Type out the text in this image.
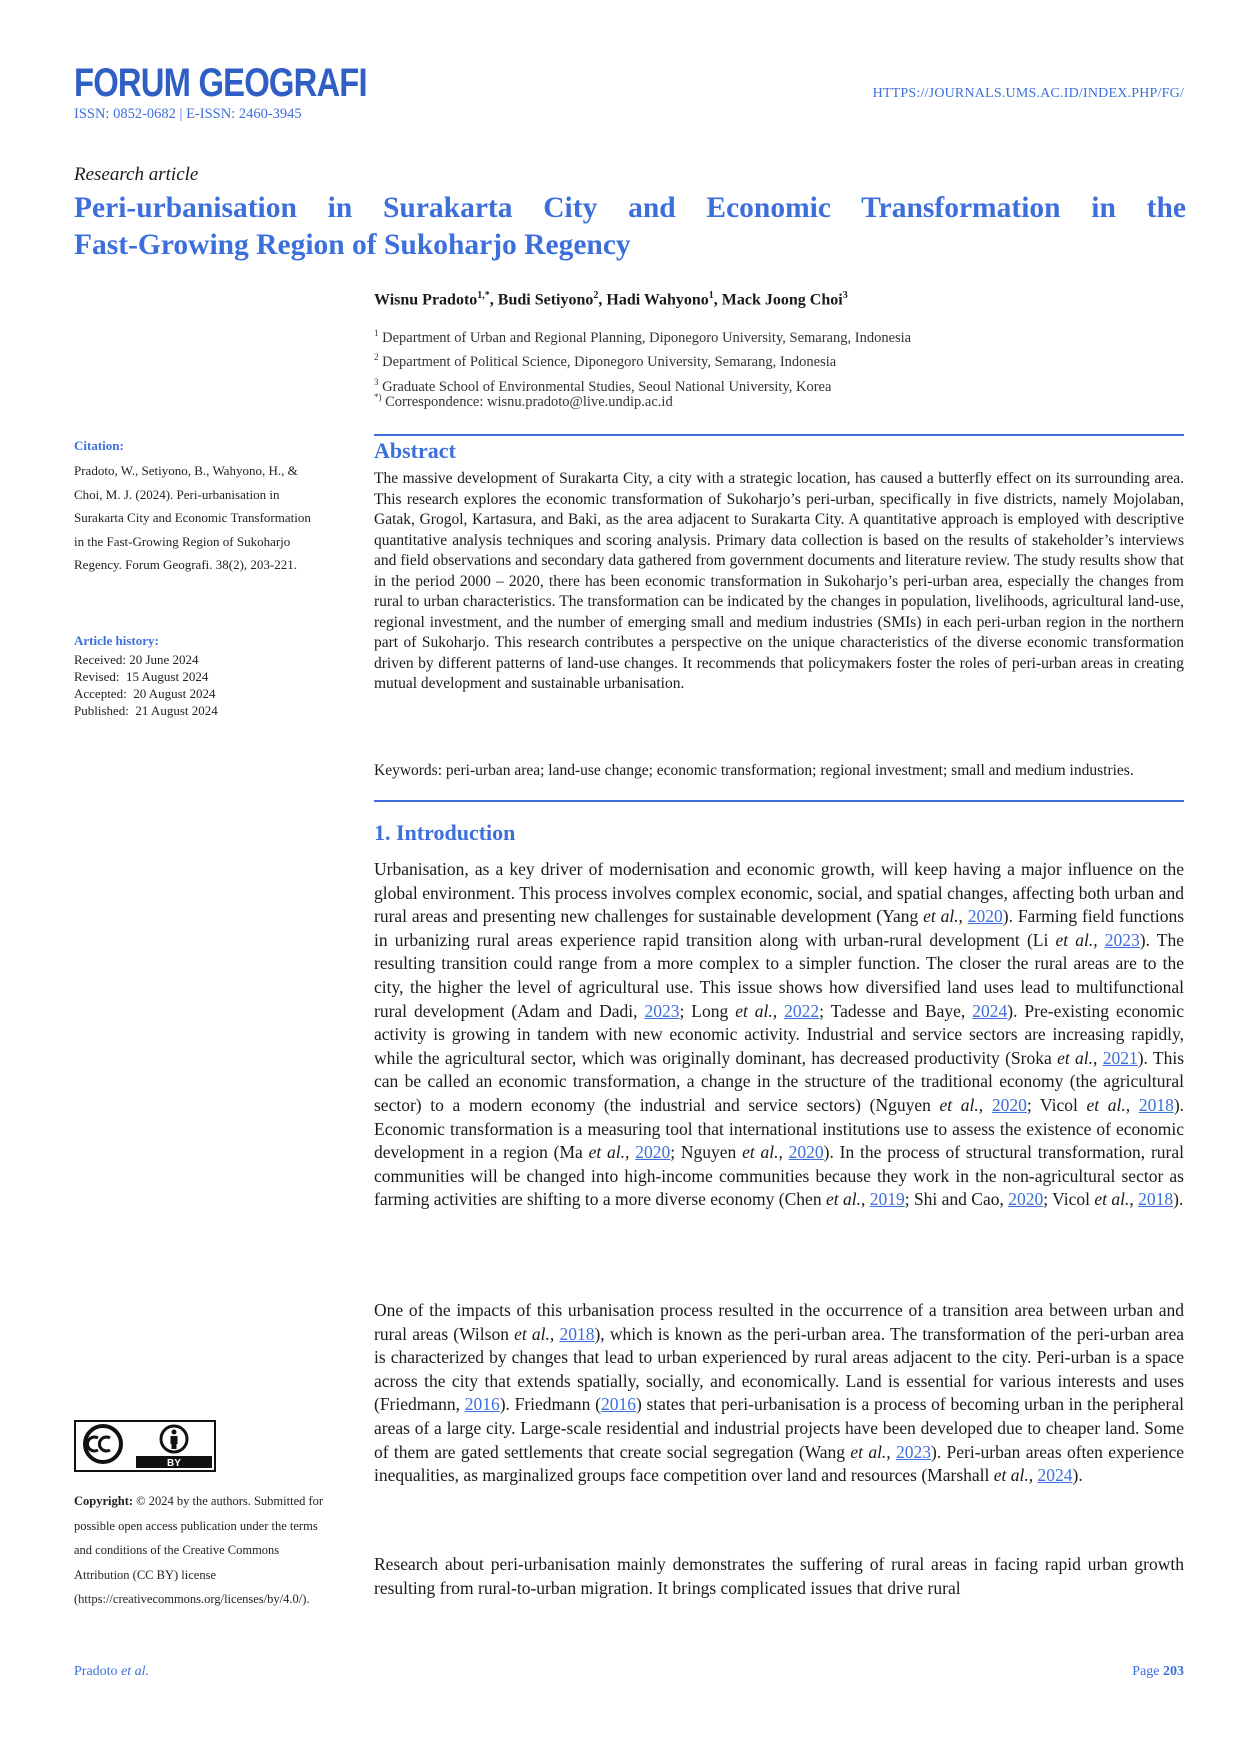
FORUM GEOGRAFI
ISSN: 0852-0682 | E-ISSN: 2460-3945
HTTPS://JOURNALS.UMS.AC.ID/INDEX.PHP/FG/
Research article
Peri-urbanisation in Surakarta City and Economic Transformation in the
Fast-Growing Region of Sukoharjo Regency
Wisnu Pradoto$^{1,*}$, Budi Setiyono$^2$, Hadi Wahyono$^1$, Mack Joong Choi$^3$
$^1$ Department of Urban and Regional Planning, Diponegoro University, Semarang, Indonesia
$^2$ Department of Political Science, Diponegoro University, Semarang, Indonesia
$^3$ Graduate School of Environmental Studies, Seoul National University, Korea
*) Correspondence: wisnu.pradoto@live.undip.ac.id
Citation:
Pradoto, W., Setiyono, B., Wahyono, H., & Choi, M. J. (2024). Peri-urbanisation in Surakarta City and Economic Transformation in the Fast-Growing Region of Sukoharjo Regency. Forum Geografi. 38(2), 203-221.
Article history:
Received: 20 June 2024
Revised:  15 August 2024
Accepted:  20 August 2024
Published:  21 August 2024
BY
Copyright: © 2024 by the authors. Submitted for possible open access publication under the terms and conditions of the Creative Commons Attribution (CC BY) license (https://creativecommons.org/licenses/by/4.0/).
Abstract
The massive development of Surakarta City, a city with a strategic location, has caused a butterfly effect on its surrounding area. This research explores the economic transformation of Sukoharjo’s peri-urban, specifically in five districts, namely Mojolaban, Gatak, Grogol, Kartasura, and Baki, as the area adjacent to Surakarta City. A quantitative approach is employed with descriptive quantitative analysis techniques and scoring analysis. Primary data collection is based on the results of stakeholder’s interviews and field observations and secondary data gathered from government documents and literature review. The study results show that in the period 2000 – 2020, there has been economic transformation in Sukoharjo’s peri-urban area, especially the changes from rural to urban characteristics. The transformation can be indicated by the changes in population, livelihoods, agricultural land-use, regional investment, and the number of emerging small and medium industries (SMIs) in each peri-urban region in the northern part of Sukoharjo. This research contributes a perspective on the unique characteristics of the diverse economic transformation driven by different patterns of land-use changes. It recommends that policymakers foster the roles of peri-urban areas in creating mutual development and sustainable urbanisation.
Keywords: peri-urban area; land-use change; economic transformation; regional investment; small and medium industries.
1. Introduction
Urbanisation, as a key driver of modernisation and economic growth, will keep having a major influence on the global environment. This process involves complex economic, social, and spatial changes, affecting both urban and rural areas and presenting new challenges for sustainable development (Yang et al., 2020). Farming field functions in urbanizing rural areas experience rapid transition along with urban-rural development (Li et al., 2023). The resulting transition could range from a more complex to a simpler function. The closer the rural areas are to the city, the higher the level of agricultural use. This issue shows how diversified land uses lead to multifunctional rural development (Adam and Dadi, 2023; Long et al., 2022; Tadesse and Baye, 2024). Pre-existing economic activity is growing in tandem with new economic activity. Industrial and service sectors are increasing rapidly, while the agricultural sector, which was originally dominant, has decreased productivity (Sroka et al., 2021). This can be called an economic transformation, a change in the structure of the traditional economy (the agricultural sector) to a modern economy (the industrial and service sectors) (Nguyen et al., 2020; Vicol et al., 2018). Economic transformation is a measuring tool that international institutions use to assess the existence of economic development in a region (Ma et al., 2020; Nguyen et al., 2020). In the process of structural transformation, rural communities will be changed into high-income communities because they work in the non-agricultural sector as farming activities are shifting to a more diverse economy (Chen et al., 2019; Shi and Cao, 2020; Vicol et al., 2018).
One of the impacts of this urbanisation process resulted in the occurrence of a transition area between urban and rural areas (Wilson et al., 2018), which is known as the peri-urban area. The transformation of the peri-urban area is characterized by changes that lead to urban experienced by rural areas adjacent to the city. Peri-urban is a space across the city that extends spatially, socially, and economically. Land is essential for various interests and uses (Friedmann, 2016). Friedmann (2016) states that peri-urbanisation is a process of becoming urban in the peripheral areas of a large city. Large-scale residential and industrial projects have been developed due to cheaper land. Some of them are gated settlements that create social segregation (Wang et al., 2023). Peri-urban areas often experience inequalities, as marginalized groups face competition over land and resources (Marshall et al., 2024).
Research about peri-urbanisation mainly demonstrates the suffering of rural areas in facing rapid urban growth resulting from rural-to-urban migration. It brings complicated issues that drive rural
Pradoto et al.	Page 203
